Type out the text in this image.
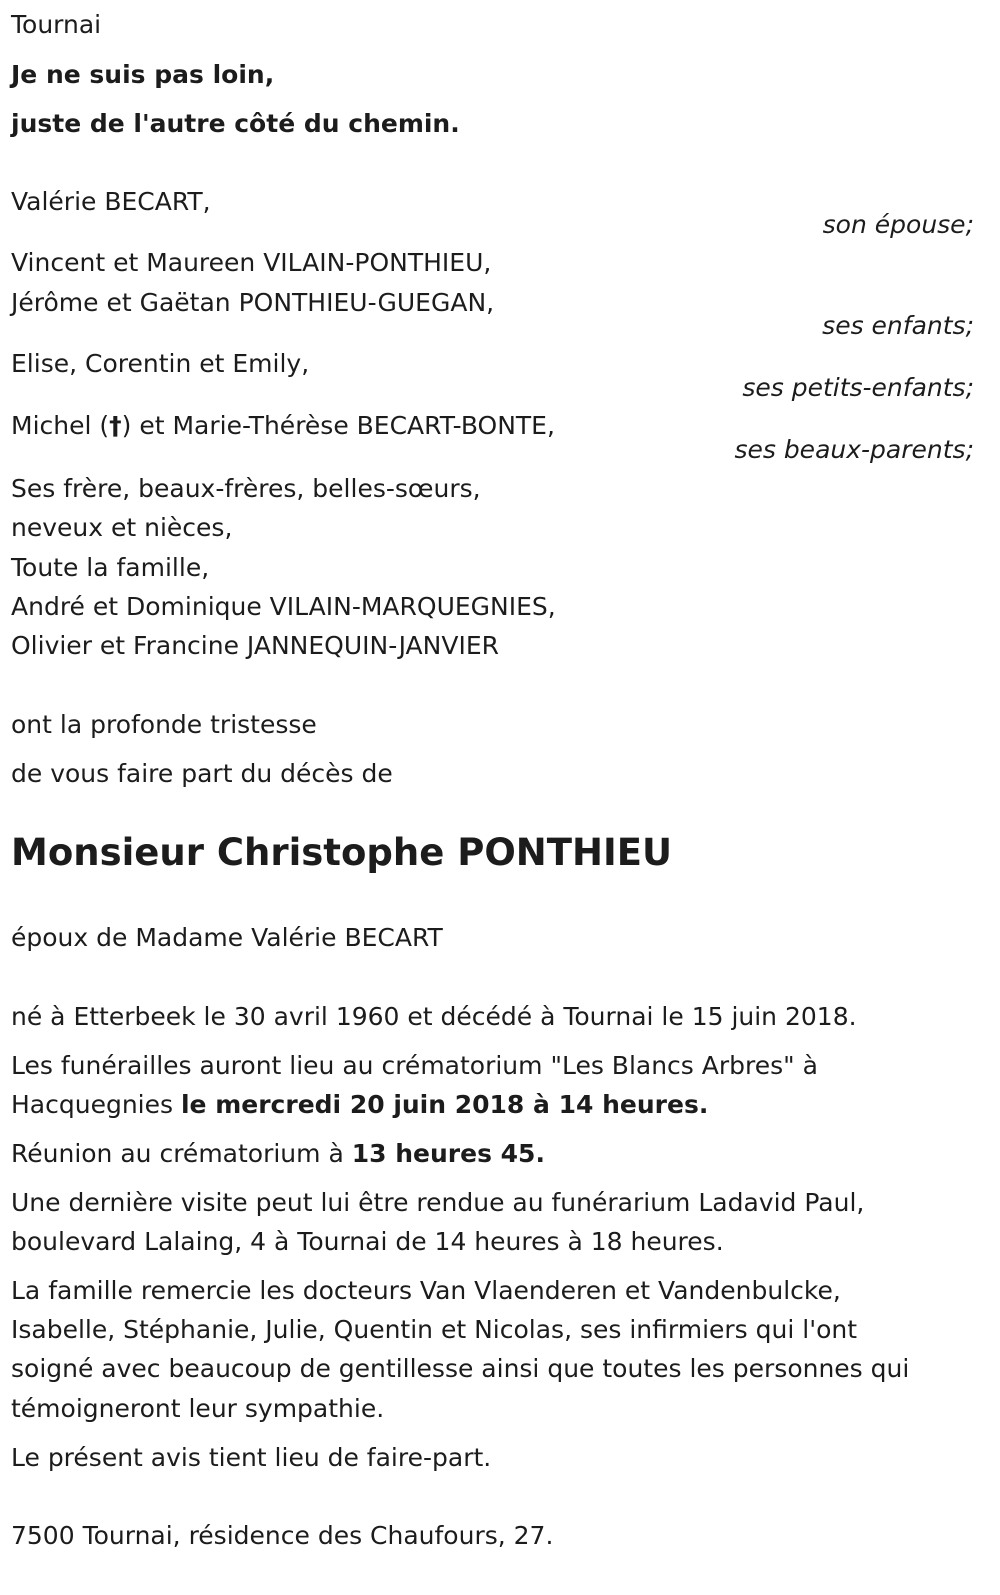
Tournai
Je ne suis pas loin,
juste de l'autre côté du chemin.
Valérie BECART,
son épouse;
Vincent et Maureen VILAIN-PONTHIEU,
Jérôme et Gaëtan PONTHIEU-GUEGAN,
ses enfants;
Elise, Corentin et Emily,
ses petits-enfants;
Michel (†) et Marie-Thérèse BECART-BONTE,
ses beaux-parents;
Ses frère, beaux-frères, belles-sœurs,
neveux et nièces,
Toute la famille,
André et Dominique VILAIN-MARQUEGNIES,
Olivier et Francine JANNEQUIN-JANVIER
ont la profonde tristesse
de vous faire part du décès de
Monsieur Christophe PONTHIEU
époux de Madame Valérie BECART
né à Etterbeek le 30 avril 1960 et décédé à Tournai le 15 juin 2018.
Les funérailles auront lieu au crématorium "Les Blancs Arbres" à
Hacquegnies le mercredi 20 juin 2018 à 14 heures.
Réunion au crématorium à 13 heures 45.
Une dernière visite peut lui être rendue au funérarium Ladavid Paul,
boulevard Lalaing, 4 à Tournai de 14 heures à 18 heures.
La famille remercie les docteurs Van Vlaenderen et Vandenbulcke,
Isabelle, Stéphanie, Julie, Quentin et Nicolas, ses infirmiers qui l'ont
soigné avec beaucoup de gentillesse ainsi que toutes les personnes qui
témoigneront leur sympathie.
Le présent avis tient lieu de faire-part.
7500 Tournai, résidence des Chaufours, 27.
